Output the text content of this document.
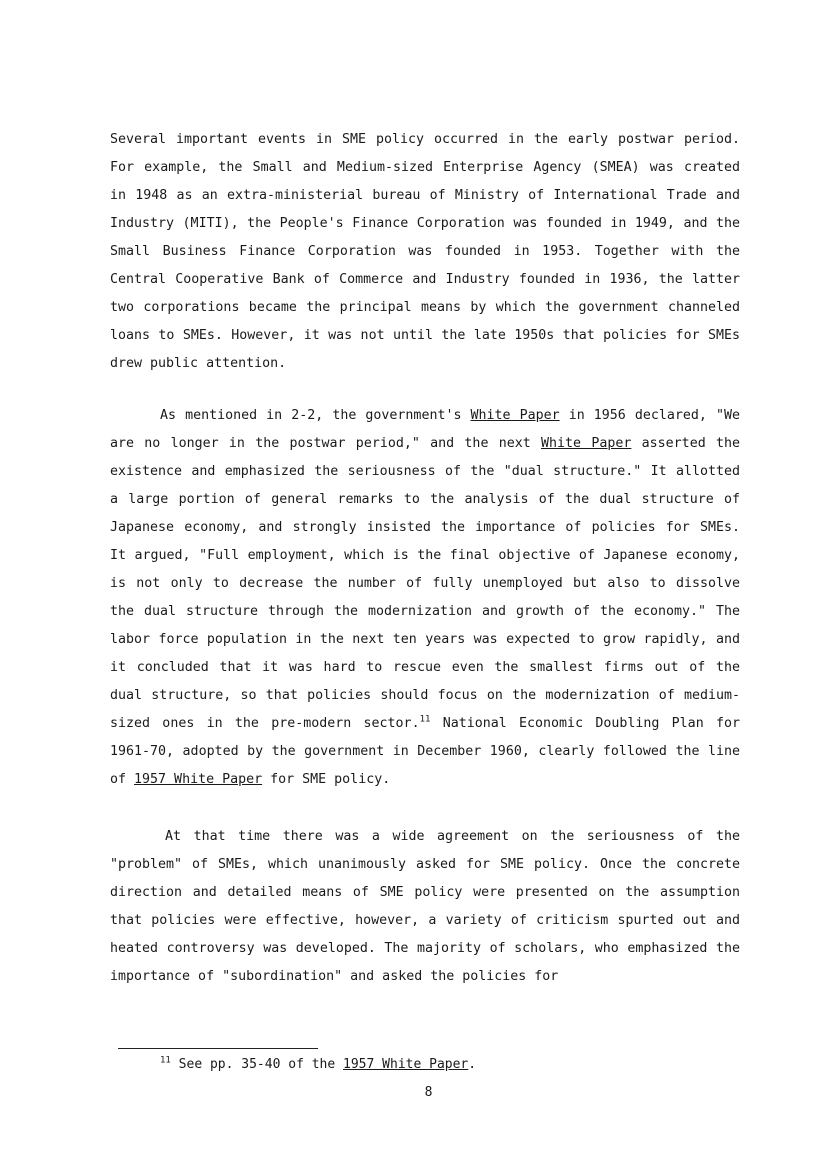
Several important events in SME policy occurred in the early postwar period. For example, the Small and Medium-sized Enterprise Agency (SMEA) was created in 1948 as an extra-ministerial bureau of Ministry of International Trade and Industry (MITI), the People's Finance Corporation was founded in 1949, and the Small Business Finance Corporation was founded in 1953. Together with the Central Cooperative Bank of Commerce and Industry founded in 1936, the latter two corporations became the principal means by which the government channeled loans to SMEs. However, it was not until the late 1950s that policies for SMEs drew public attention.

As mentioned in 2-2, the government's White Paper in 1956 declared, "We are no longer in the postwar period," and the next White Paper asserted the existence and emphasized the seriousness of the "dual structure." It allotted a large portion of general remarks to the analysis of the dual structure of Japanese economy, and strongly insisted the importance of policies for SMEs. It argued, "Full employment, which is the final objective of Japanese economy, is not only to decrease the number of fully unemployed but also to dissolve the dual structure through the modernization and growth of the economy." The labor force population in the next ten years was expected to grow rapidly, and it concluded that it was hard to rescue even the smallest firms out of the dual structure, so that policies should focus on the modernization of medium-sized ones in the pre-modern sector.$^{11}$ National Economic Doubling Plan for 1961-70, adopted by the government in December 1960, clearly followed the line of 1957 White Paper for SME policy.

At that time there was a wide agreement on the seriousness of the "problem" of SMEs, which unanimously asked for SME policy. Once the concrete direction and detailed means of SME policy were presented on the assumption that policies were effective, however, a variety of criticism spurted out and heated controversy was developed. The majority of scholars, who emphasized the importance of "subordination" and asked the policies for

$^{11}$ See pp. 35-40 of the 1957 White Paper.

8
